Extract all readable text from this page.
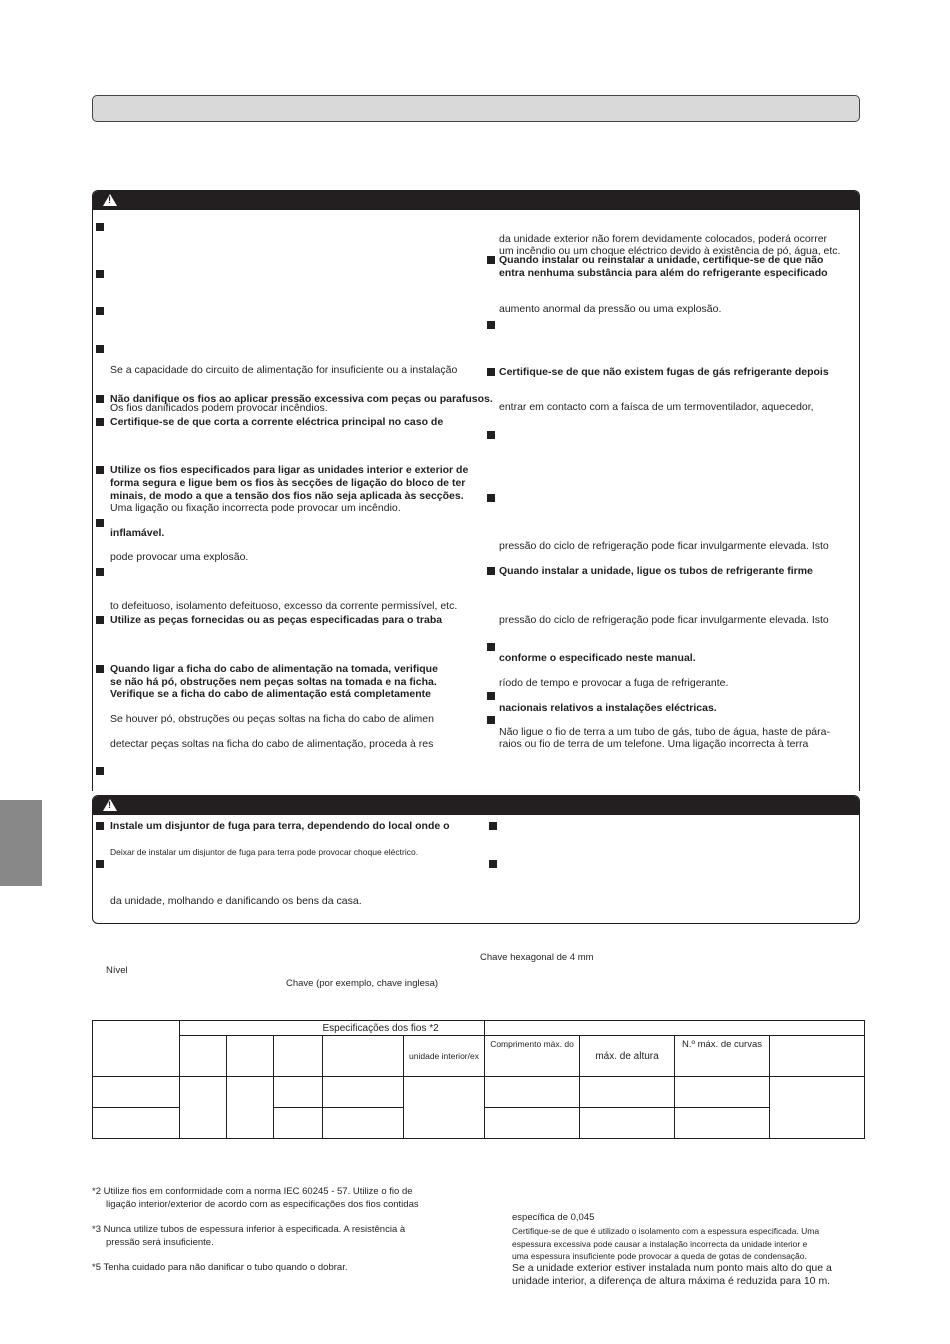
!
Se a capacidade do circuito de alimentação for insuficiente ou a instalação
Não danifique os fios ao aplicar pressão excessiva com peças ou parafusos.
Os fios danificados podem provocar incêndios.
Certifique-se de que corta a corrente eléctrica principal no caso de
Utilize os fios especificados para ligar as unidades interior e exterior de
forma segura e ligue bem os fios às secções de ligação do bloco de ter
minais, de modo a que a tensão dos fios não seja aplicada às secções.
Uma ligação ou fixação incorrecta pode provocar um incêndio.
inflamável.
pode provocar uma explosão.
to defeituoso, isolamento defeituoso, excesso da corrente permissível, etc.
Utilize as peças fornecidas ou as peças especificadas para o traba
Quando ligar a ficha do cabo de alimentação na tomada, verifique
se não há pó, obstruções nem peças soltas na tomada e na ficha.
Verifique se a ficha do cabo de alimentação está completamente
Se houver pó, obstruções ou peças soltas na ficha do cabo de alimen
detectar peças soltas na ficha do cabo de alimentação, proceda à res
da unidade exterior não forem devidamente colocados, poderá ocorrer
um incêndio ou um choque eléctrico devido à existência de pó, água, etc.
Quando instalar ou reinstalar a unidade, certifique-se de que não
entra nenhuma substância para além do refrigerante especificado
aumento anormal da pressão ou uma explosão.
Certifique-se de que não existem fugas de gás refrigerante depois
entrar em contacto com a faísca de um termoventilador, aquecedor,
pressão do ciclo de refrigeração pode ficar invulgarmente elevada. Isto
Quando instalar a unidade, ligue os tubos de refrigerante firme
pressão do ciclo de refrigeração pode ficar invulgarmente elevada. Isto
conforme o especificado neste manual.
ríodo de tempo e provocar a fuga de refrigerante.
nacionais relativos a instalações eléctricas.
Não ligue o fio de terra a um tubo de gás, tubo de água, haste de pára-
raios ou fio de terra de um telefone. Uma ligação incorrecta à terra
!
Instale um disjuntor de fuga para terra, dependendo do local onde o
Deixar de instalar um disjuntor de fuga para terra pode provocar choque eléctrico.
da unidade, molhando e danificando os bens da casa.
Chave hexagonal de 4 mm
Nível
Chave (por exemplo, chave inglesa)
				Especificações dos fios *2					
					unidade interior/ex	Comprimento máx. do	máx. de altura	N.º máx. de curvas	

*2 Utilize fios em conformidade com a norma IEC 60245 - 57. Utilize o fio de
ligação interior/exterior de acordo com as especificações dos fios contidas
*3 Nunca utilize tubos de espessura inferior à especificada. A resistência à
pressão será insuficiente.
*5 Tenha cuidado para não danificar o tubo quando o dobrar.
específica de 0,045
Certifique-se de que é utilizado o isolamento com a espessura especificada. Uma
espessura excessiva pode causar a instalação incorrecta da unidade interior e
uma espessura insuficiente pode provocar a queda de gotas de condensação.
Se a unidade exterior estiver instalada num ponto mais alto do que a
unidade interior, a diferença de altura máxima é reduzida para 10 m.
